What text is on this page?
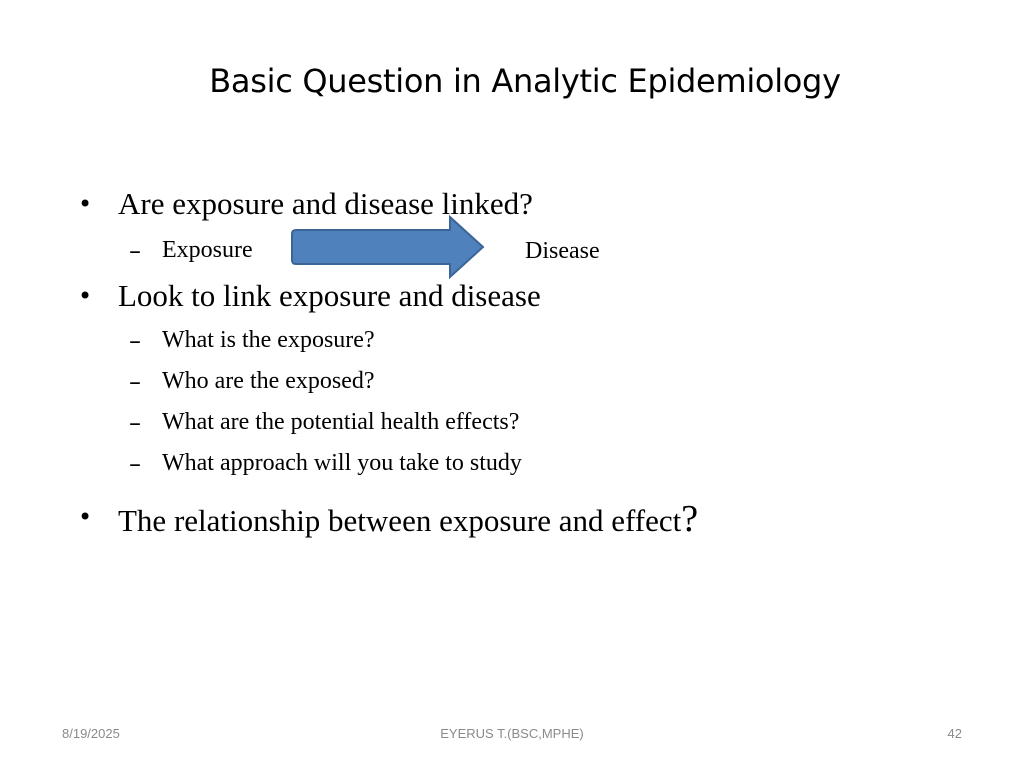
Basic Question in Analytic Epidemiology
• Are exposure and disease linked?
– Exposure	Disease
• Look to link exposure and disease
– What is the exposure?
– Who are the exposed?
– What are the potential health effects?
– What approach will you take to study
• The relationship between exposure and effect?
8/19/2025	EYERUS T.(BSC,MPHE)	42
